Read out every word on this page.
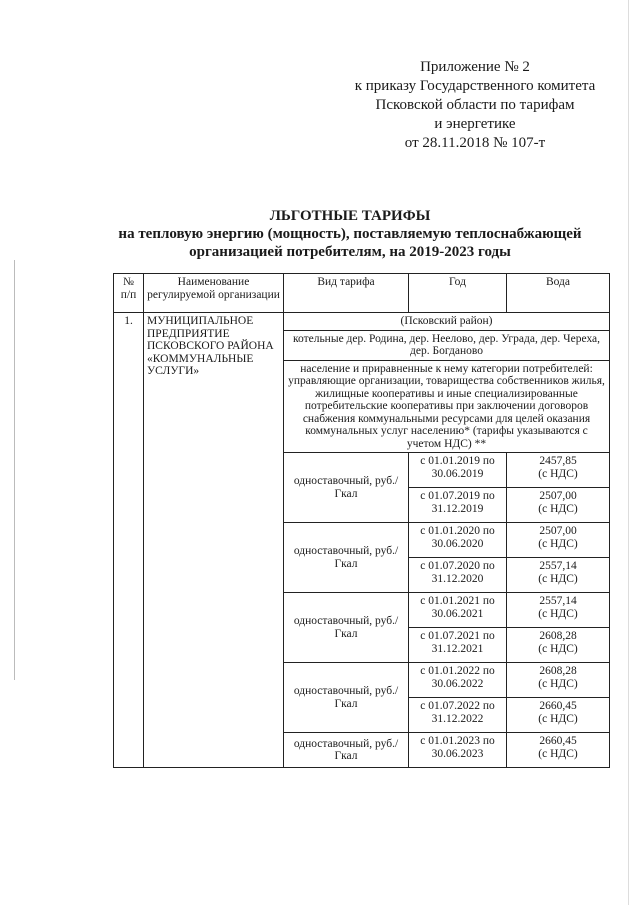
Приложение № 2
к приказу Государственного комитета
Псковской области по тарифам
и энергетике
от 28.11.2018 № 107-т
ЛЬГОТНЫЕ ТАРИФЫ
на тепловую энергию (мощность), поставляемую теплоснабжающей
организацией потребителям, на 2019-2023 годы
№ п/п	Наименование регулируемой организации	Вид тарифа	Год	Вода
1.	МУНИЦИПАЛЬНОЕ ПРЕДПРИЯТИЕ ПСКОВСКОГО РАЙОНА «КОММУНАЛЬНЫЕ УСЛУГИ»	(Псковский район)		
		котельные дер. Родина, дер. Неелово, дер. Уграда, дер. Череха, дер. Богданово		
		население и приравненные к нему категории потребителей: управляющие организации, товарищества собственников жилья, жилищные кооперативы и иные специализированные потребительские кооперативы при заключении договоров снабжения коммунальными ресурсами для целей оказания коммунальных услуг населению* (тарифы указываются с учетом НДС) **		
		одноставочный, руб./Гкал	с 01.01.2019 по 30.06.2019	2457,85
(с НДС)

			с 01.07.2019 по 31.12.2019	2507,00
(с НДС)

		одноставочный, руб./Гкал	с 01.01.2020 по 30.06.2020	2507,00
(с НДС)

			с 01.07.2020 по 31.12.2020	2557,14
(с НДС)

		одноставочный, руб./Гкал	с 01.01.2021 по 30.06.2021	2557,14
(с НДС)

			с 01.07.2021 по 31.12.2021	2608,28
(с НДС)

		одноставочный, руб./Гкал	с 01.01.2022 по 30.06.2022	2608,28
(с НДС)

			с 01.07.2022 по 31.12.2022	2660,45
(с НДС)

		одноставочный, руб./Гкал	с 01.01.2023 по 30.06.2023	2660,45
(с НДС)
